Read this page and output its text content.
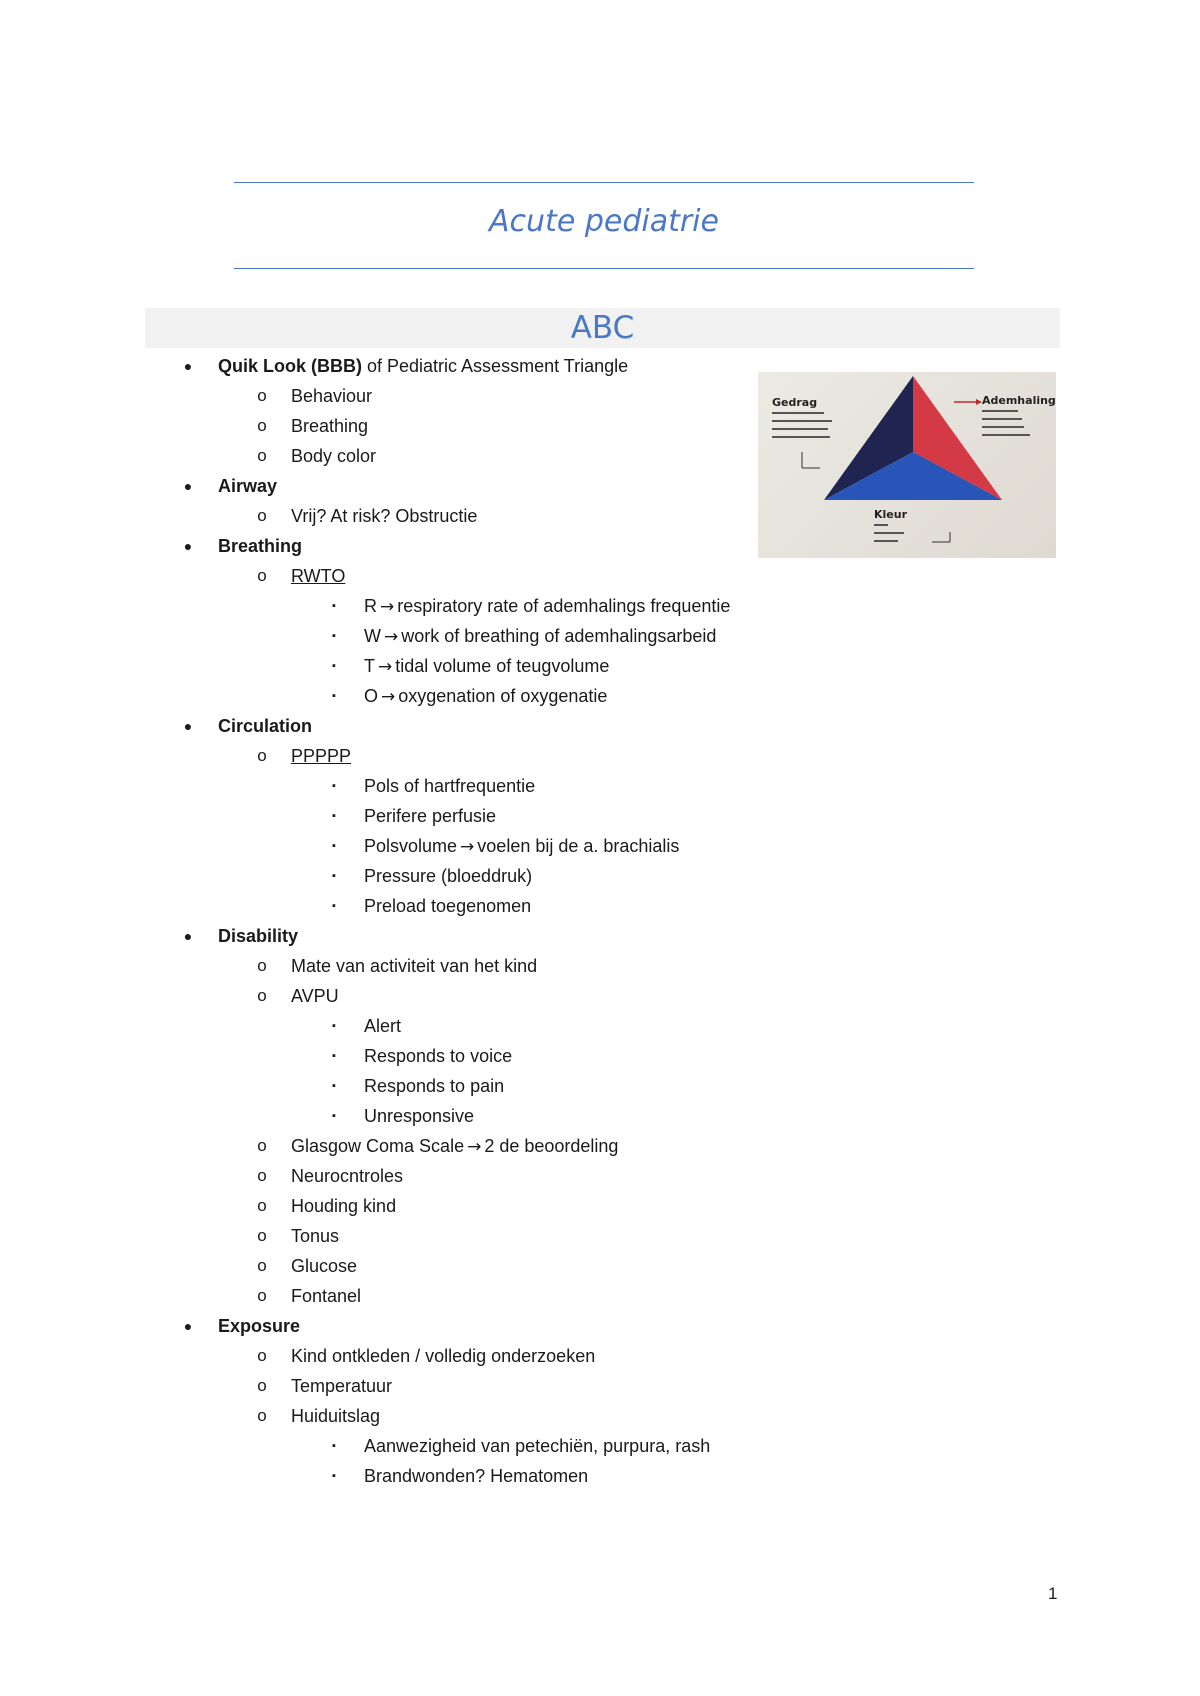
Acute pediatrie
ABC
Gedrag	Ademhaling
Kleur
●	Quik Look (BBB) of Pediatric Assessment Triangle
o Behaviour
o Breathing
o Body color
●	Airway
o Vrij? At risk? Obstructie
●	Breathing
o RWTO
▪	R → respiratory rate of ademhalings frequentie
▪	W → work of breathing of ademhalingsarbeid
▪	T → tidal volume of teugvolume
▪	O → oxygenation of oxygenatie
●	Circulation
o PPPPP
▪	Pols of hartfrequentie
▪	Perifere perfusie
▪	Polsvolume → voelen bij de a. brachialis
▪	Pressure (bloeddruk)
▪	Preload toegenomen
●	Disability
o Mate van activiteit van het kind
o AVPU
▪	Alert
▪	Responds to voice
▪	Responds to pain
▪	Unresponsive
o Glasgow Coma Scale → 2 de beoordeling
o Neurocntroles
o Houding kind
o Tonus
o Glucose
o Fontanel
●	Exposure
o Kind ontkleden / volledig onderzoeken
o Temperatuur
o Huiduitslag
▪	Aanwezigheid van petechiën, purpura, rash
▪	Brandwonden? Hematomen
1
